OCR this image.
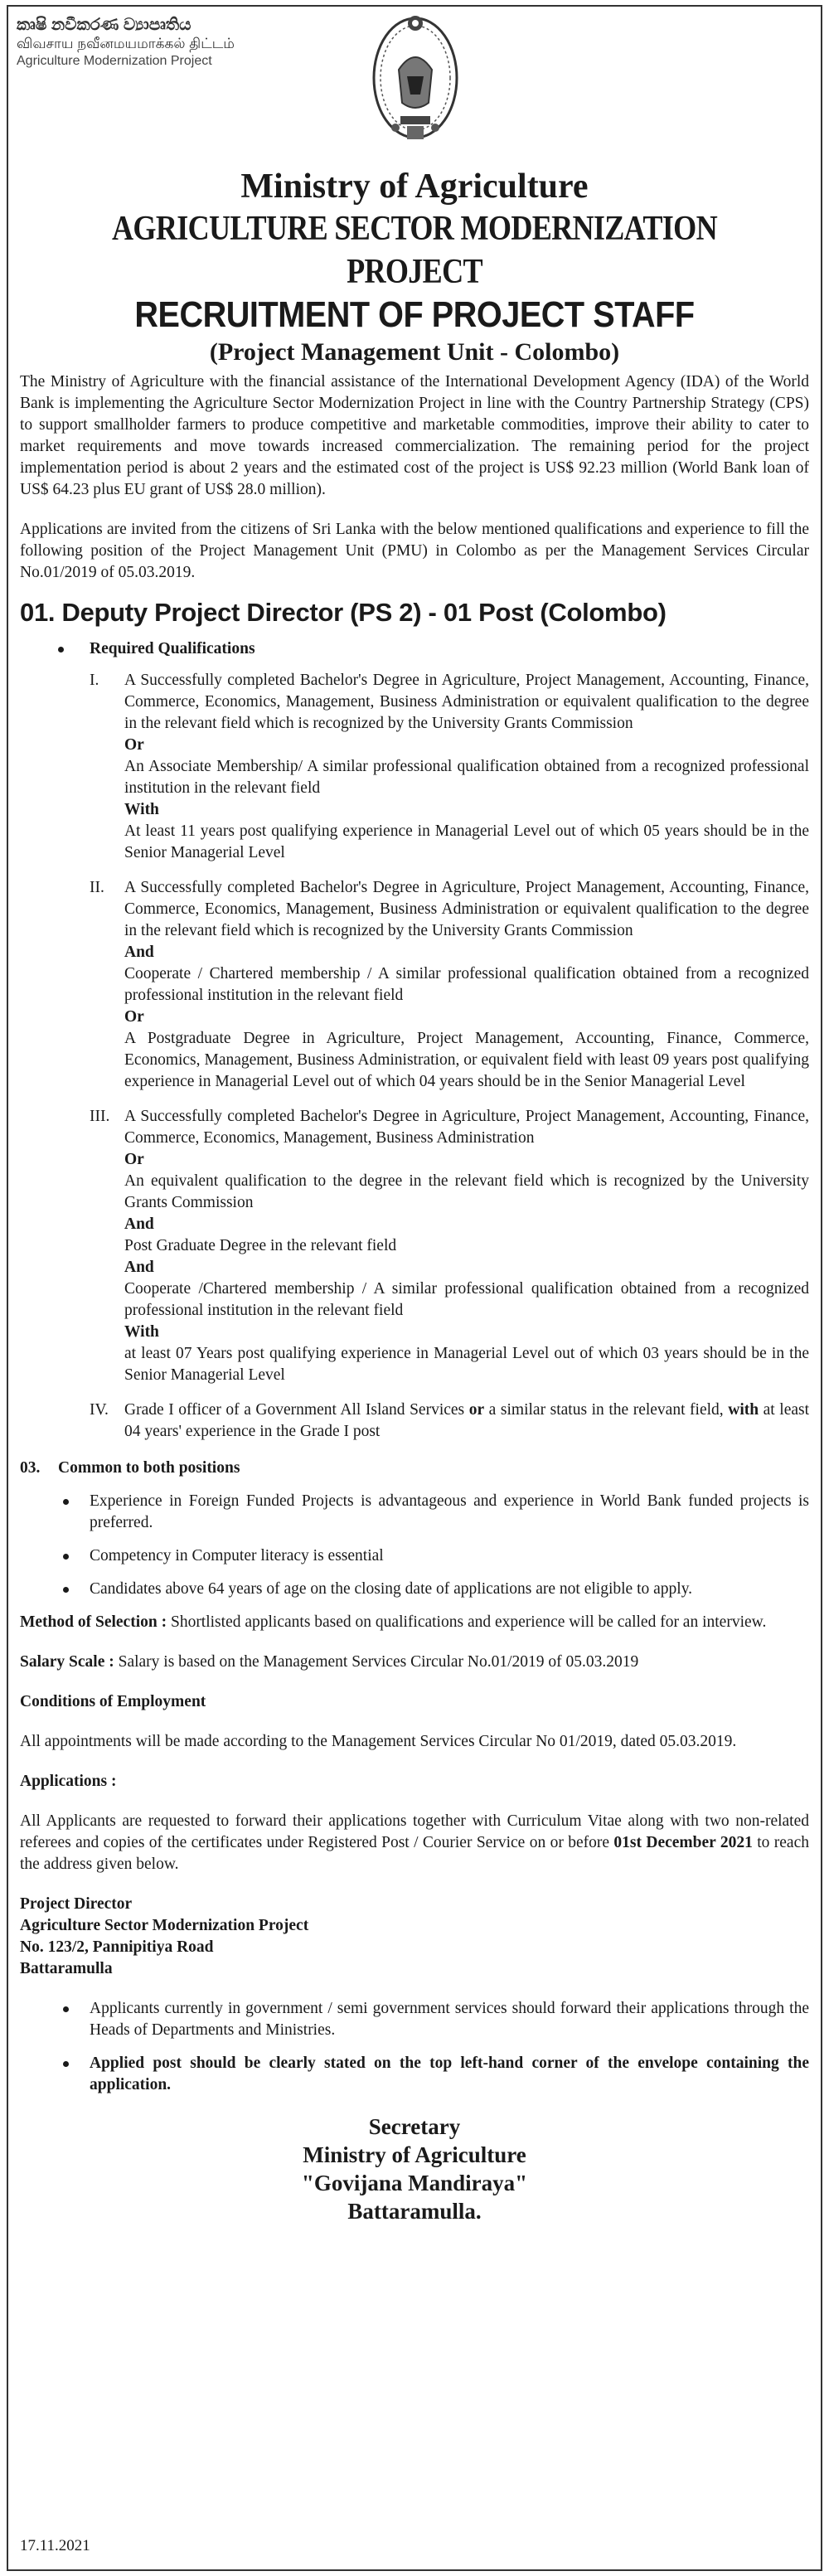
කෘෂි නවීකරණ ව්‍යාපෘතිය
விவசாய நவீனமயமாக்கல் திட்டம்
Agriculture Modernization Project
Ministry of Agriculture
AGRICULTURE SECTOR MODERNIZATION PROJECT
RECRUITMENT OF PROJECT STAFF
(Project Management Unit - Colombo)

The Ministry of Agriculture with the financial assistance of the International Development Agency (IDA) of the World Bank is implementing the Agriculture Sector Modernization Project in line with the Country Partnership Strategy (CPS) to support smallholder farmers to produce competitive and marketable commodities, improve their ability to cater to market requirements and move towards increased commercialization. The remaining period for the project implementation period is about 2 years and the estimated cost of the project is US$ 92.23 million (World Bank loan of US$ 64.23 plus EU grant of US$ 28.0 million).

Applications are invited from the citizens of Sri Lanka with the below mentioned qualifications and experience to fill the following position of the Project Management Unit (PMU) in Colombo as per the Management Services Circular No.01/2019 of 05.03.2019.

01. Deputy Project Director (PS 2) - 01 Post (Colombo)
Required Qualifications
I. A Successfully completed Bachelor's Degree in Agriculture, Project Management, Accounting, Finance, Commerce, Economics, Management, Business Administration or equivalent qualification to the degree in the relevant field which is recognized by the University Grants Commission
Or
An Associate Membership/ A similar professional qualification obtained from a recognized professional institution in the relevant field
With
At least 11 years post qualifying experience in Managerial Level out of which 05 years should be in the Senior Managerial Level
II. A Successfully completed Bachelor's Degree in Agriculture, Project Management, Accounting, Finance, Commerce, Economics, Management, Business Administration or equivalent qualification to the degree in the relevant field which is recognized by the University Grants Commission
And
Cooperate / Chartered membership / A similar professional qualification obtained from a recognized professional institution in the relevant field
Or
A Postgraduate Degree in Agriculture, Project Management, Accounting, Finance, Commerce, Economics, Management, Business Administration, or equivalent field with least 09 years post qualifying experience in Managerial Level out of which 04 years should be in the Senior Managerial Level
III. A Successfully completed Bachelor's Degree in Agriculture, Project Management, Accounting, Finance, Commerce, Economics, Management, Business Administration
Or
An equivalent qualification to the degree in the relevant field which is recognized by the University Grants Commission
And
Post Graduate Degree in the relevant field
And
Cooperate /Chartered membership / A similar professional qualification obtained from a recognized professional institution in the relevant field
With
at least 07 Years post qualifying experience in Managerial Level out of which 03 years should be in the Senior Managerial Level
IV. Grade I officer of a Government All Island Services or a similar status in the relevant field, with at least 04 years' experience in the Grade I post
03. Common to both positions
Experience in Foreign Funded Projects is advantageous and experience in World Bank funded projects is preferred.
Competency in Computer literacy is essential
Candidates above 64 years of age on the closing date of applications are not eligible to apply.

Method of Selection : Shortlisted applicants based on qualifications and experience will be called for an interview.

Salary Scale : Salary is based on the Management Services Circular No.01/2019 of 05.03.2019

Conditions of Employment

All appointments will be made according to the Management Services Circular No 01/2019, dated 05.03.2019.

Applications :

All Applicants are requested to forward their applications together with Curriculum Vitae along with two non-related referees and copies of the certificates under Registered Post / Courier Service on or before 01st December 2021 to reach the address given below.

Project Director
Agriculture Sector Modernization Project
No. 123/2, Pannipitiya Road
Battaramulla
Applicants currently in government / semi government services should forward their applications through the Heads of Departments and Ministries.
Applied post should be clearly stated on the top left-hand corner of the envelope containing the application.
Secretary
Ministry of Agriculture
"Govijana Mandiraya"
Battaramulla.
17.11.2021
